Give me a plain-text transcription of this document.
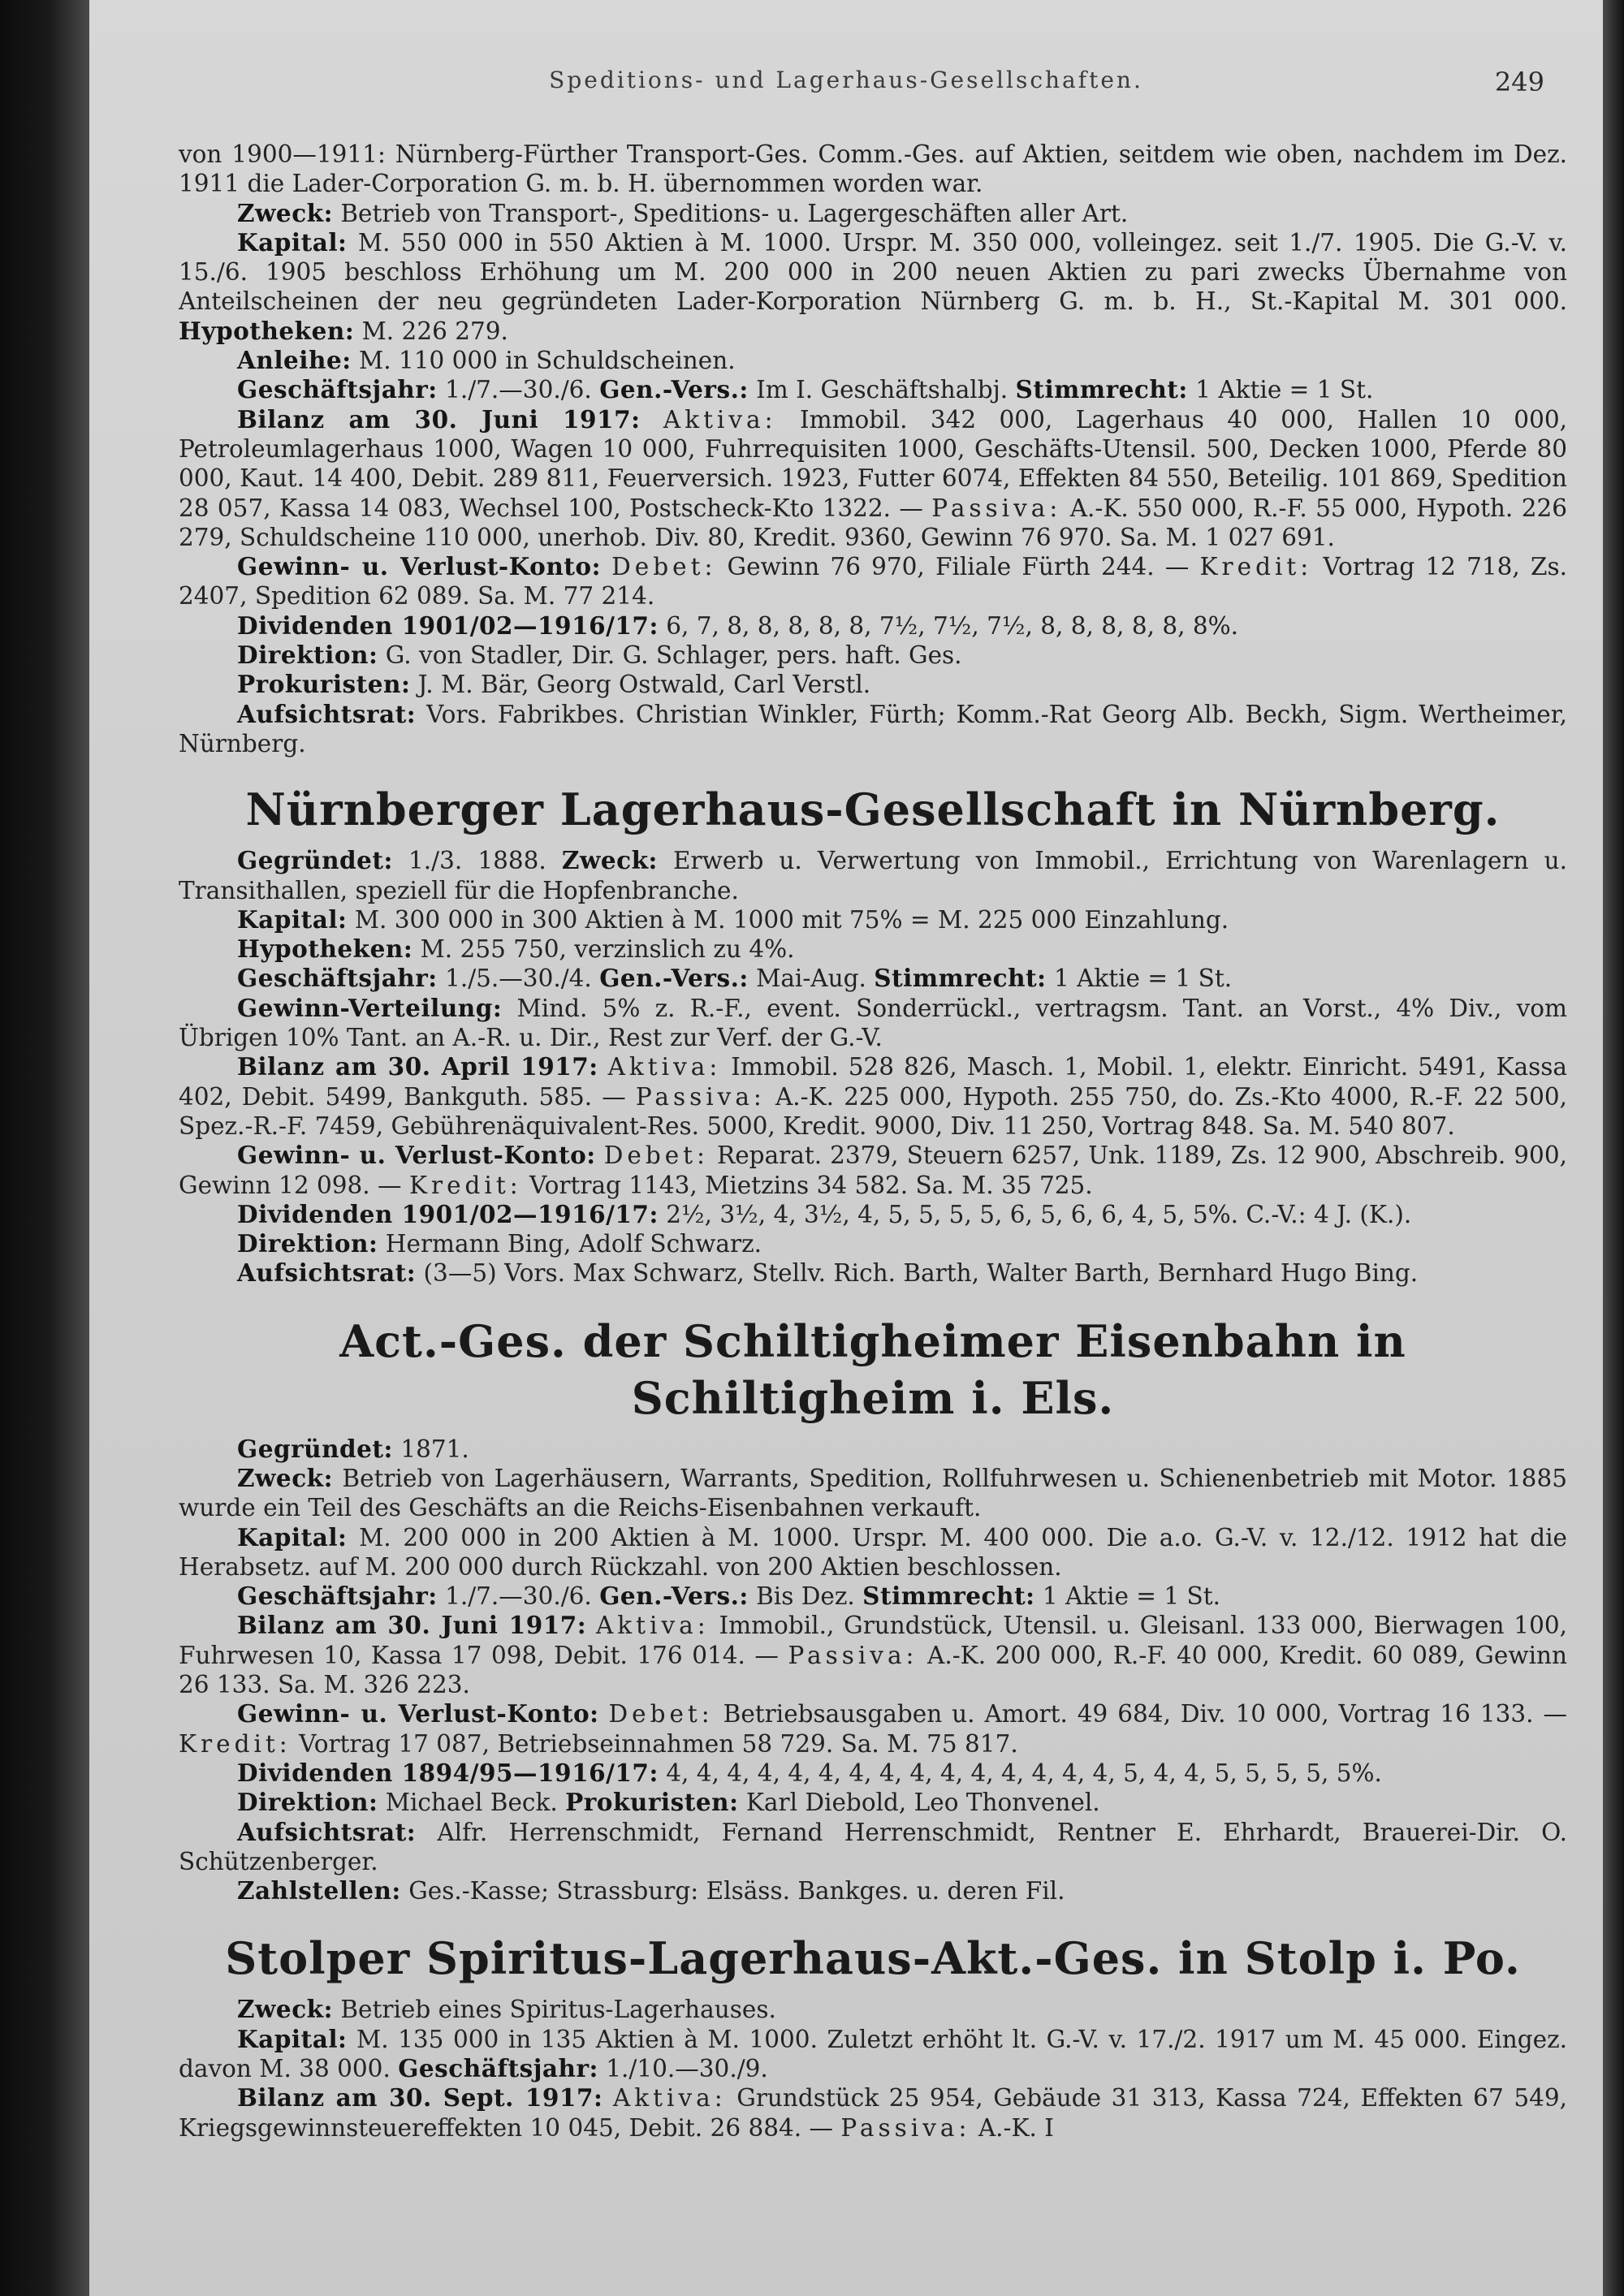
Speditions- und Lagerhaus-Gesellschaften.	249

von 1900—1911: Nürnberg-Fürther Transport-Ges. Comm.-Ges. auf Aktien, seitdem wie oben, nachdem im Dez. 1911 die Lader-Corporation G. m. b. H. übernommen worden war.

Zweck: Betrieb von Transport-, Speditions- u. Lagergeschäften aller Art.

Kapital: M. 550 000 in 550 Aktien à M. 1000. Urspr. M. 350 000, volleingez. seit 1./7. 1905. Die G.-V. v. 15./6. 1905 beschloss Erhöhung um M. 200 000 in 200 neuen Aktien zu pari zwecks Übernahme von Anteilscheinen der neu gegründeten Lader-Korporation Nürnberg G. m. b. H., St.-Kapital M. 301 000. Hypotheken: M. 226 279.

Anleihe: M. 110 000 in Schuldscheinen.

Geschäftsjahr: 1./7.—30./6. Gen.-Vers.: Im I. Geschäftshalbj. Stimmrecht: 1 Aktie = 1 St.

Bilanz am 30. Juni 1917: Aktiva: Immobil. 342 000, Lagerhaus 40 000, Hallen 10 000, Petroleumlagerhaus 1000, Wagen 10 000, Fuhrrequisiten 1000, Geschäfts-Utensil. 500, Decken 1000, Pferde 80 000, Kaut. 14 400, Debit. 289 811, Feuerversich. 1923, Futter 6074, Effekten 84 550, Beteilig. 101 869, Spedition 28 057, Kassa 14 083, Wechsel 100, Postscheck-Kto 1322. — Passiva: A.-K. 550 000, R.-F. 55 000, Hypoth. 226 279, Schuldscheine 110 000, unerhob. Div. 80, Kredit. 9360, Gewinn 76 970. Sa. M. 1 027 691.

Gewinn- u. Verlust-Konto: Debet: Gewinn 76 970, Filiale Fürth 244. — Kredit: Vortrag 12 718, Zs. 2407, Spedition 62 089. Sa. M. 77 214.

Dividenden 1901/02—1916/17: 6, 7, 8, 8, 8, 8, 8, 7½, 7½, 7½, 8, 8, 8, 8, 8, 8%.

Direktion: G. von Stadler, Dir. G. Schlager, pers. haft. Ges.

Prokuristen: J. M. Bär, Georg Ostwald, Carl Verstl.

Aufsichtsrat: Vors. Fabrikbes. Christian Winkler, Fürth; Komm.-Rat Georg Alb. Beckh, Sigm. Wertheimer, Nürnberg.

Nürnberger Lagerhaus-Gesellschaft in Nürnberg.

Gegründet: 1./3. 1888. Zweck: Erwerb u. Verwertung von Immobil., Errichtung von Warenlagern u. Transithallen, speziell für die Hopfenbranche.

Kapital: M. 300 000 in 300 Aktien à M. 1000 mit 75% = M. 225 000 Einzahlung.

Hypotheken: M. 255 750, verzinslich zu 4%.

Geschäftsjahr: 1./5.—30./4. Gen.-Vers.: Mai-Aug. Stimmrecht: 1 Aktie = 1 St.

Gewinn-Verteilung: Mind. 5% z. R.-F., event. Sonderrückl., vertragsm. Tant. an Vorst., 4% Div., vom Übrigen 10% Tant. an A.-R. u. Dir., Rest zur Verf. der G.-V.

Bilanz am 30. April 1917: Aktiva: Immobil. 528 826, Masch. 1, Mobil. 1, elektr. Einricht. 5491, Kassa 402, Debit. 5499, Bankguth. 585. — Passiva: A.-K. 225 000, Hypoth. 255 750, do. Zs.-Kto 4000, R.-F. 22 500, Spez.-R.-F. 7459, Gebührenäquivalent-Res. 5000, Kredit. 9000, Div. 11 250, Vortrag 848. Sa. M. 540 807.

Gewinn- u. Verlust-Konto: Debet: Reparat. 2379, Steuern 6257, Unk. 1189, Zs. 12 900, Abschreib. 900, Gewinn 12 098. — Kredit: Vortrag 1143, Mietzins 34 582. Sa. M. 35 725.

Dividenden 1901/02—1916/17: 2½, 3½, 4, 3½, 4, 5, 5, 5, 5, 6, 5, 6, 6, 4, 5, 5%. C.-V.: 4 J. (K.).

Direktion: Hermann Bing, Adolf Schwarz.

Aufsichtsrat: (3—5) Vors. Max Schwarz, Stellv. Rich. Barth, Walter Barth, Bernhard Hugo Bing.

Act.-Ges. der Schiltigheimer Eisenbahn in Schiltigheim i. Els.

Gegründet: 1871.

Zweck: Betrieb von Lagerhäusern, Warrants, Spedition, Rollfuhrwesen u. Schienenbetrieb mit Motor. 1885 wurde ein Teil des Geschäfts an die Reichs-Eisenbahnen verkauft.

Kapital: M. 200 000 in 200 Aktien à M. 1000. Urspr. M. 400 000. Die a.o. G.-V. v. 12./12. 1912 hat die Herabsetz. auf M. 200 000 durch Rückzahl. von 200 Aktien beschlossen.

Geschäftsjahr: 1./7.—30./6. Gen.-Vers.: Bis Dez. Stimmrecht: 1 Aktie = 1 St.

Bilanz am 30. Juni 1917: Aktiva: Immobil., Grundstück, Utensil. u. Gleisanl. 133 000, Bierwagen 100, Fuhrwesen 10, Kassa 17 098, Debit. 176 014. — Passiva: A.-K. 200 000, R.-F. 40 000, Kredit. 60 089, Gewinn 26 133. Sa. M. 326 223.

Gewinn- u. Verlust-Konto: Debet: Betriebsausgaben u. Amort. 49 684, Div. 10 000, Vortrag 16 133. — Kredit: Vortrag 17 087, Betriebseinnahmen 58 729. Sa. M. 75 817.

Dividenden 1894/95—1916/17: 4, 4, 4, 4, 4, 4, 4, 4, 4, 4, 4, 4, 4, 4, 4, 5, 4, 4, 5, 5, 5, 5, 5%.

Direktion: Michael Beck. Prokuristen: Karl Diebold, Leo Thonvenel.

Aufsichtsrat: Alfr. Herrenschmidt, Fernand Herrenschmidt, Rentner E. Ehrhardt, Brauerei-Dir. O. Schützenberger.

Zahlstellen: Ges.-Kasse; Strassburg: Elsäss. Bankges. u. deren Fil.

Stolper Spiritus-Lagerhaus-Akt.-Ges. in Stolp i. Po.

Zweck: Betrieb eines Spiritus-Lagerhauses.

Kapital: M. 135 000 in 135 Aktien à M. 1000. Zuletzt erhöht lt. G.-V. v. 17./2. 1917 um M. 45 000. Eingez. davon M. 38 000. Geschäftsjahr: 1./10.—30./9.

Bilanz am 30. Sept. 1917: Aktiva: Grundstück 25 954, Gebäude 31 313, Kassa 724, Effekten 67 549, Kriegsgewinnsteuereffekten 10 045, Debit. 26 884. — Passiva: A.-K. I
